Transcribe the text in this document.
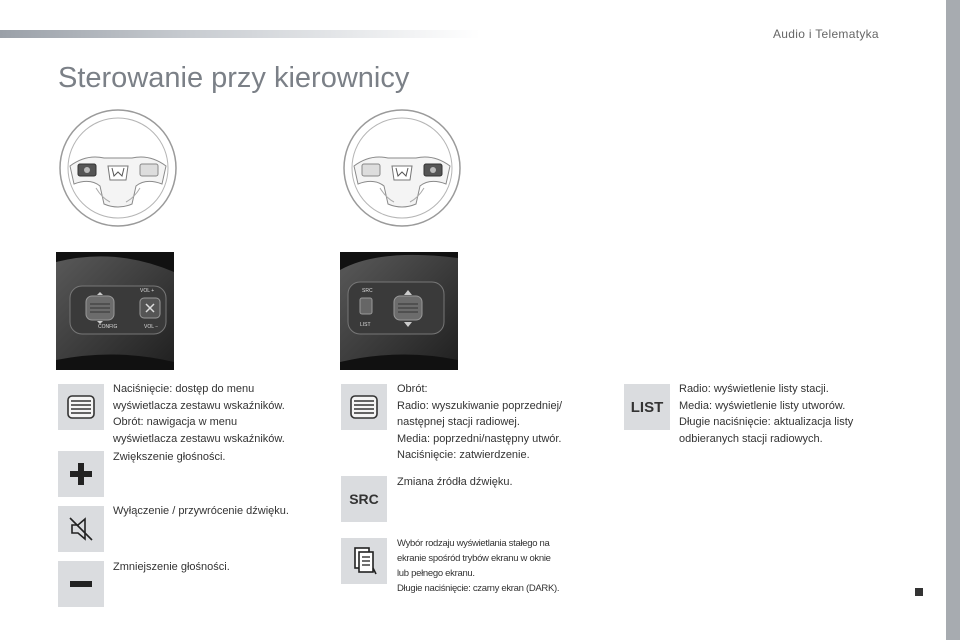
Audio i Telematyka
Sterowanie przy kierownicy
VOL +
VOL −
CONFIG
SRC
LIST
Naciśnięcie: dostęp do menu
wyświetlacza zestawu wskaźników.
Obrót: nawigacja w menu
wyświetlacza zestawu wskaźników.
Zwiększenie głośności.
Wyłączenie / przywrócenie dźwięku.
Zmniejszenie głośności.
Obrót:
Radio: wyszukiwanie poprzedniej/
następnej stacji radiowej.
Media: poprzedni/następny utwór.
Naciśnięcie: zatwierdzenie.
SRC
Zmiana źródła dźwięku.
Wybór rodzaju wyświetlania stałego na
ekranie spośród trybów ekranu w oknie
lub pełnego ekranu.
Długie naciśnięcie: czarny ekran (DARK).
LIST
Radio: wyświetlenie listy stacji.
Media: wyświetlenie listy utworów.
Długie naciśnięcie: aktualizacja listy
odbieranych stacji radiowych.
